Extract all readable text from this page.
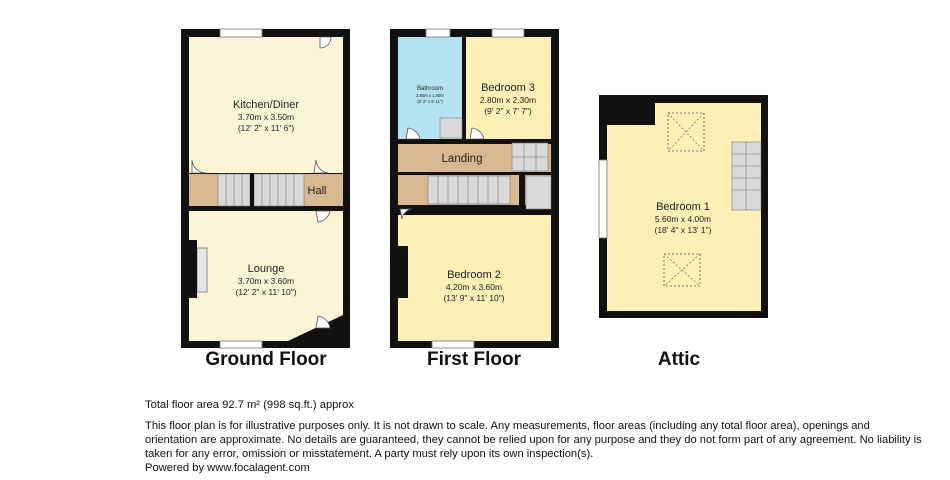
Kitchen/Diner
3.70m x 3.50m
(12' 2" x 11' 6")
Hall
Lounge
3.70m x 3.60m
(12' 2" x 11' 10")
Bathroom
2.80m x 1.80m
(9' 2" x 5' 11")
Bedroom 3
2.80m x 2.30m
(9' 2" x 7' 7")
Landing
Bedroom 2
4.20m x 3.60m
(13' 9" x 11' 10")
Bedroom 1
5.60m x 4.00m
(18' 4" x 13' 1")
Ground Floor	First Floor	Attic

Total floor area 92.7 m² (998 sq.ft.) approx

This floor plan is for illustrative purposes only. It is not drawn to scale. Any measurements, floor areas (including any total floor area), openings and orientation are approximate. No details are guaranteed, they cannot be relied upon for any purpose and they do not form part of any agreement. No liability is taken for any error, omission or misstatement. A party must rely upon its own inspection(s).

Powered by www.focalagent.com
